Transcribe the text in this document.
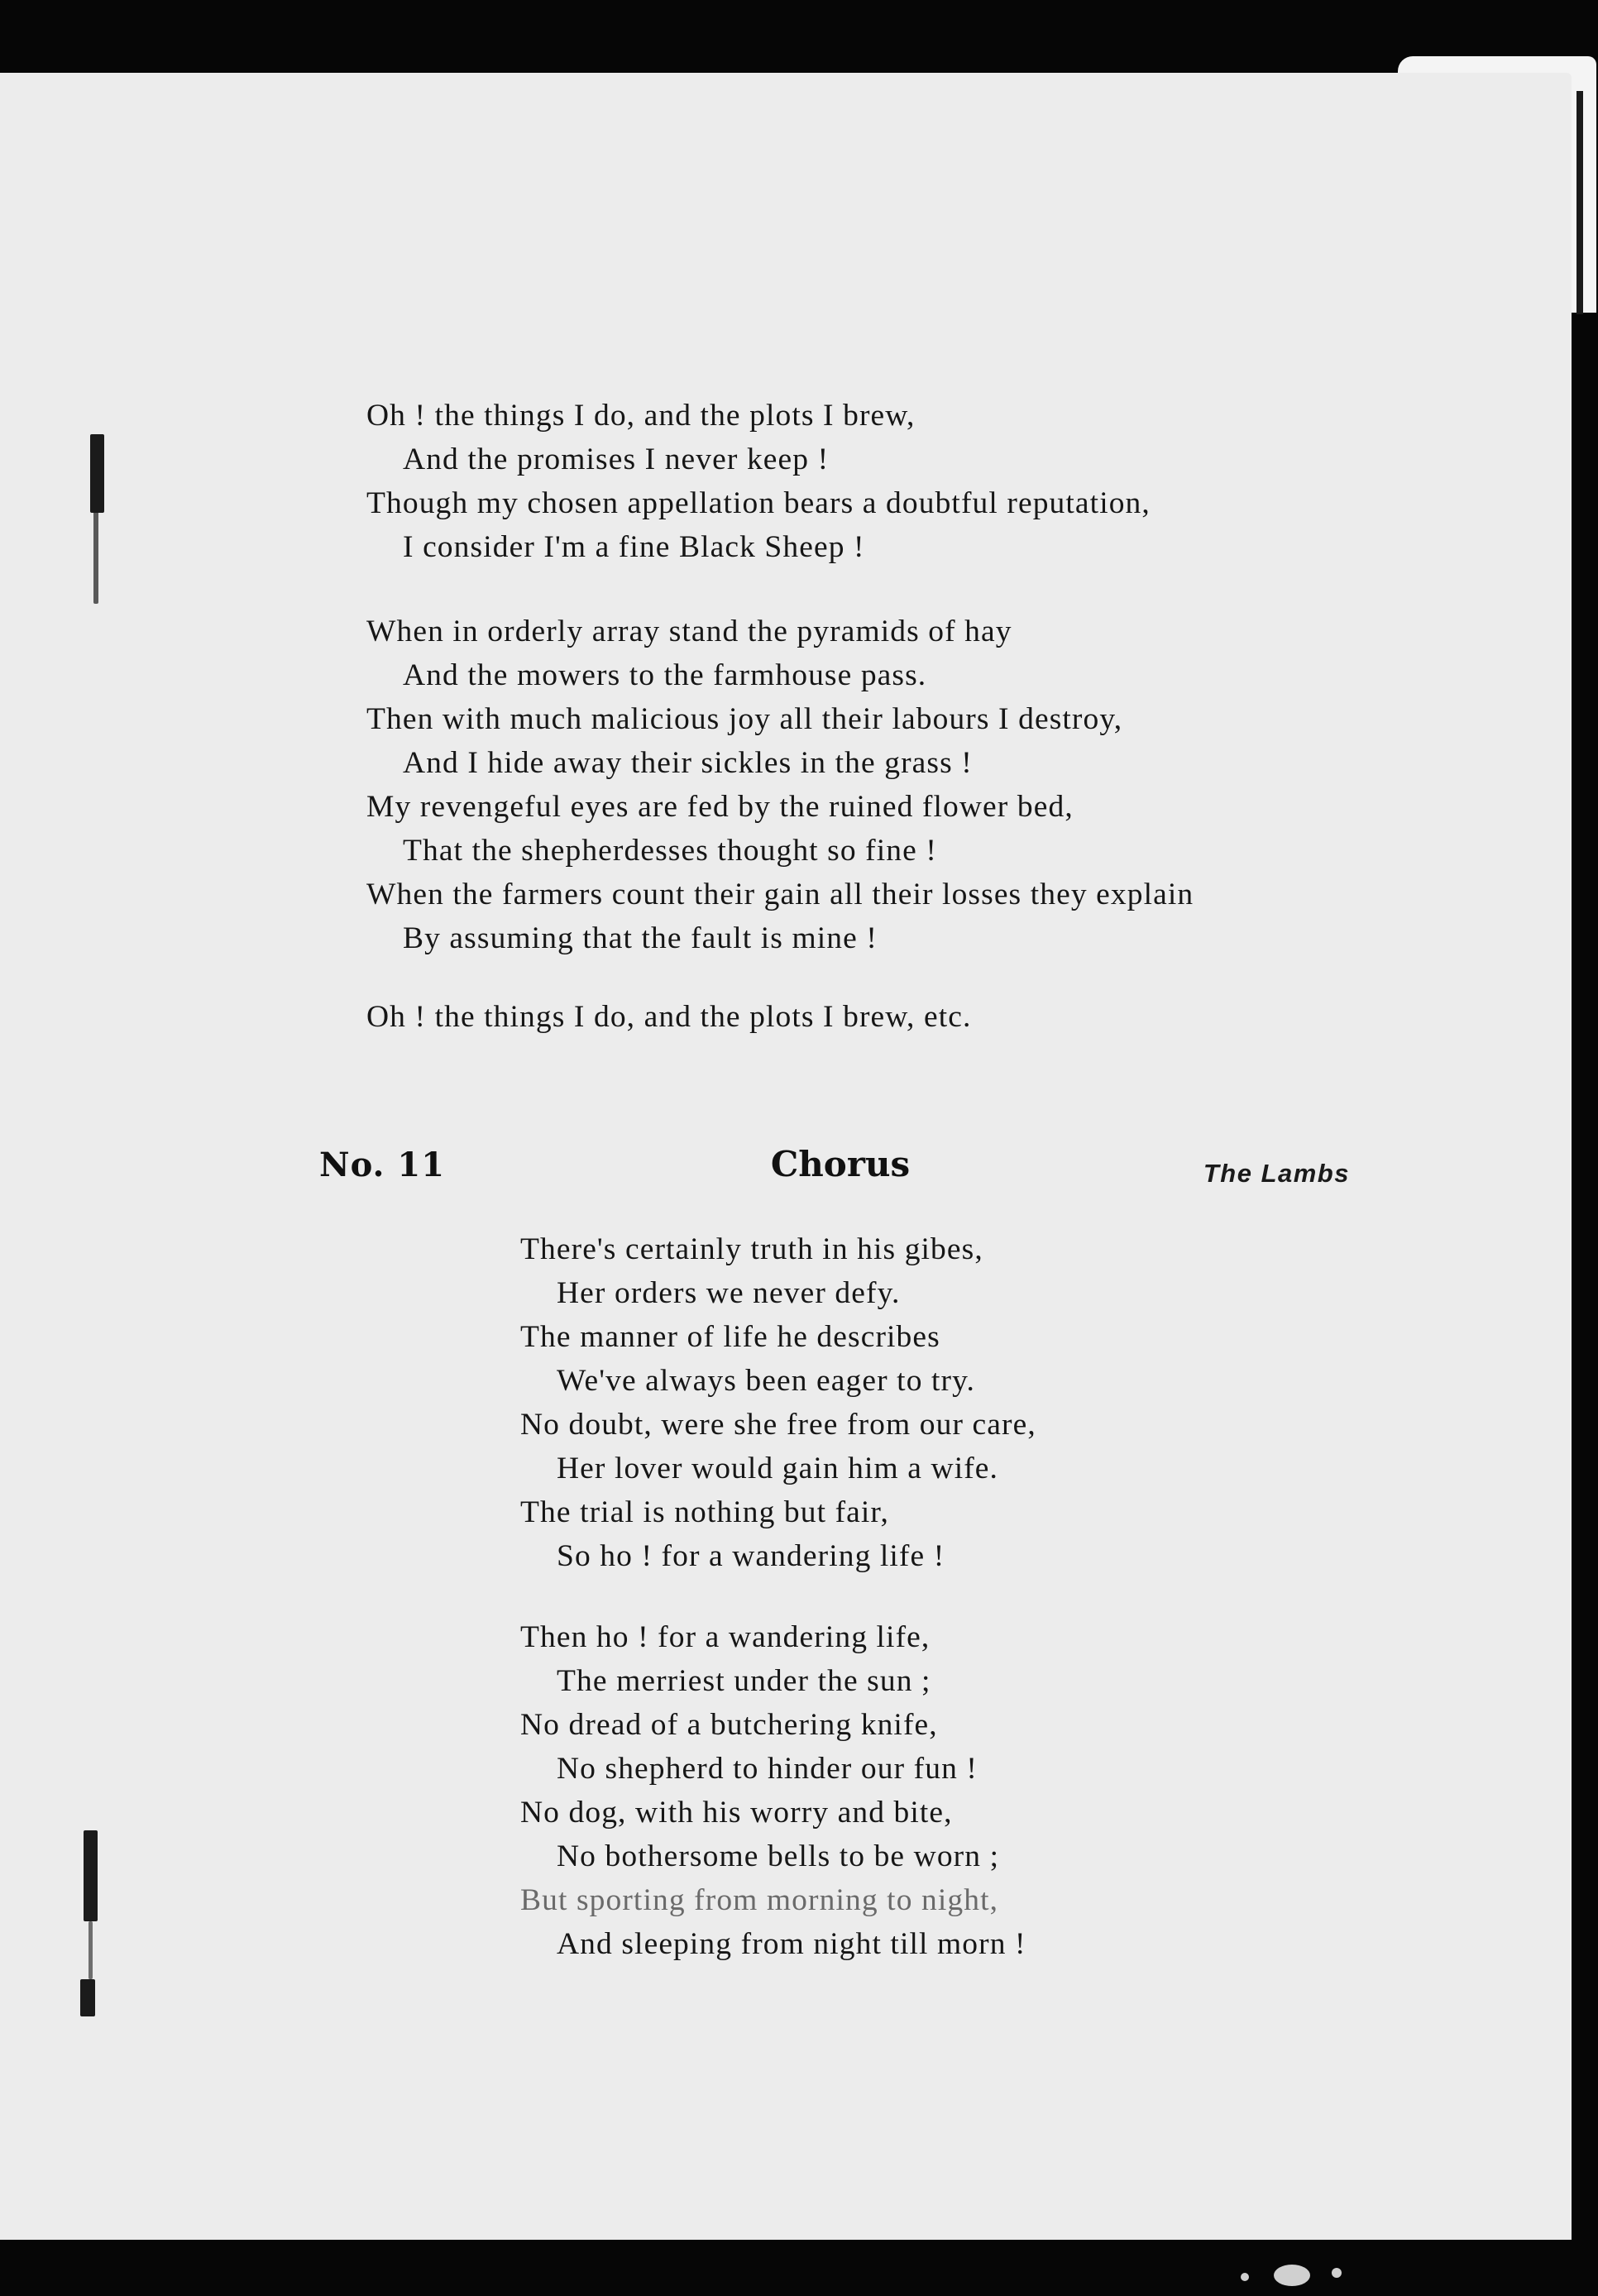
Oh ! the things I do, and the plots I brew,
And the promises I never keep !
Though my chosen appellation bears a doubtful reputation,
I consider I'm a fine Black Sheep !
When in orderly array stand the pyramids of hay
And the mowers to the farmhouse pass.
Then with much malicious joy all their labours I destroy,
And I hide away their sickles in the grass !
My revengeful eyes are fed by the ruined flower bed,
That the shepherdesses thought so fine !
When the farmers count their gain all their losses they explain
By assuming that the fault is mine !
Oh ! the things I do, and the plots I brew, etc.
No. 11	Chorus	The Lambs
There's certainly truth in his gibes,
Her orders we never defy.
The manner of life he describes
We've always been eager to try.
No doubt, were she free from our care,
Her lover would gain him a wife.
The trial is nothing but fair,
So ho ! for a wandering life !
Then ho ! for a wandering life,
The merriest under the sun ;
No dread of a butchering knife,
No shepherd to hinder our fun !
No dog, with his worry and bite,
No bothersome bells to be worn ;
But sporting from morning to night,
And sleeping from night till morn !
